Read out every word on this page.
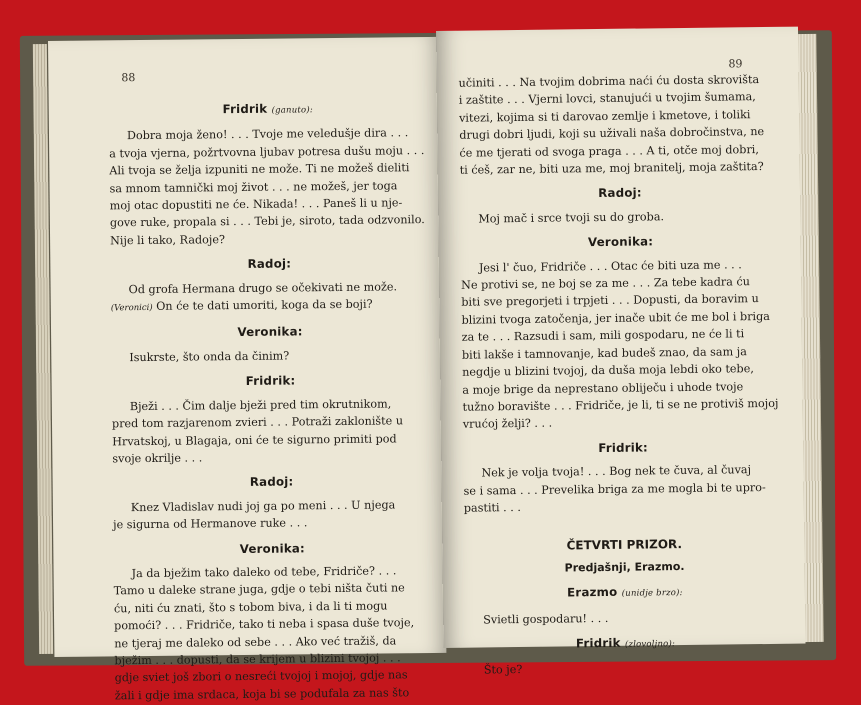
88
Fridrik (ganuto):
Dobra moja ženo! . . . Tvoje me veledušje dira . . .
a tvoja vjerna, požrtvovna ljubav potresa dušu moju . . .
Ali tvoja se želja izpuniti ne može. Ti ne možeš dieliti
sa mnom tamnički moj život . . . ne možeš, jer toga
moj otac dopustiti ne će. Nikada! . . . Paneš li u nje-
gove ruke, propala si . . . Tebi je, siroto, tada odzvonilo.
Nije li tako, Radoje?
Radoj:
Od grofa Hermana drugo se očekivati ne može.
(Veronici) On će te dati umoriti, koga da se boji?
Veronika:
Isukrste, što onda da činim?
Fridrik:
Bježi . . . Čim dalje bježi pred tim okrutnikom,
pred tom razjarenom zvieri . . . Potraži zaklonište u
Hrvatskoj, u Blagaja, oni će te sigurno primiti pod
svoje okrilje . . .
Radoj:
Knez Vladislav nudi joj ga po meni . . . U njega
je sigurna od Hermanove ruke . . .
Veronika:
Ja da bježim tako daleko od tebe, Fridriče? . . .
Tamo u daleke strane juga, gdje o tebi ništa čuti ne
ću, niti ću znati, što s tobom biva, i da li ti mogu
pomoći? . . . Fridriče, tako ti neba i spasa duše tvoje,
ne tjeraj me daleko od sebe . . . Ako već tražiš, da
bježim . . . dopusti, da se krijem u blizini tvojoj . . .
gdje sviet još zbori o nesreći tvojoj i mojoj, gdje nas
žali i gdje ima srdaca, koja bi se podufala za nas što
89
učiniti . . . Na tvojim dobrima naći ću dosta skrovišta
i zaštite . . . Vjerni lovci, stanujući u tvojim šumama,
vitezi, kojima si ti darovao zemlje i kmetove, i toliki
drugi dobri ljudi, koji su uživali naša dobročinstva, ne
će me tjerati od svoga praga . . . A ti, otče moj dobri,
ti ćeš, zar ne, biti uza me, moj branitelj, moja zaštita?
Radoj:
Moj mač i srce tvoji su do groba.
Veronika:
Jesi l' čuo, Fridriče . . . Otac će biti uza me . . .
Ne protivi se, ne boj se za me . . . Za tebe kadra ću
biti sve pregorjeti i trpjeti . . . Dopusti, da boravim u
blizini tvoga zatočenja, jer inače ubit će me bol i briga
za te . . . Razsudi i sam, mili gospodaru, ne će li ti
biti lakše i tamnovanje, kad budeš znao, da sam ja
negdje u blizini tvojoj, da duša moja lebdi oko tebe,
a moje brige da neprestano obliječu i uhode tvoje
tužno boravište . . . Fridriče, je li, ti se ne protiviš mojoj
vrućoj želji? . . .
Fridrik:
Nek je volja tvoja! . . . Bog nek te čuva, al čuvaj
se i sama . . . Prevelika briga za me mogla bi te upro-
pastiti . . .
ČETVRTI PRIZOR.
Predjašnji, Erazmo.
Erazmo (unidje brzo):
Svietli gospodaru! . . .
Fridrik (zlovoljno):
Što je?
